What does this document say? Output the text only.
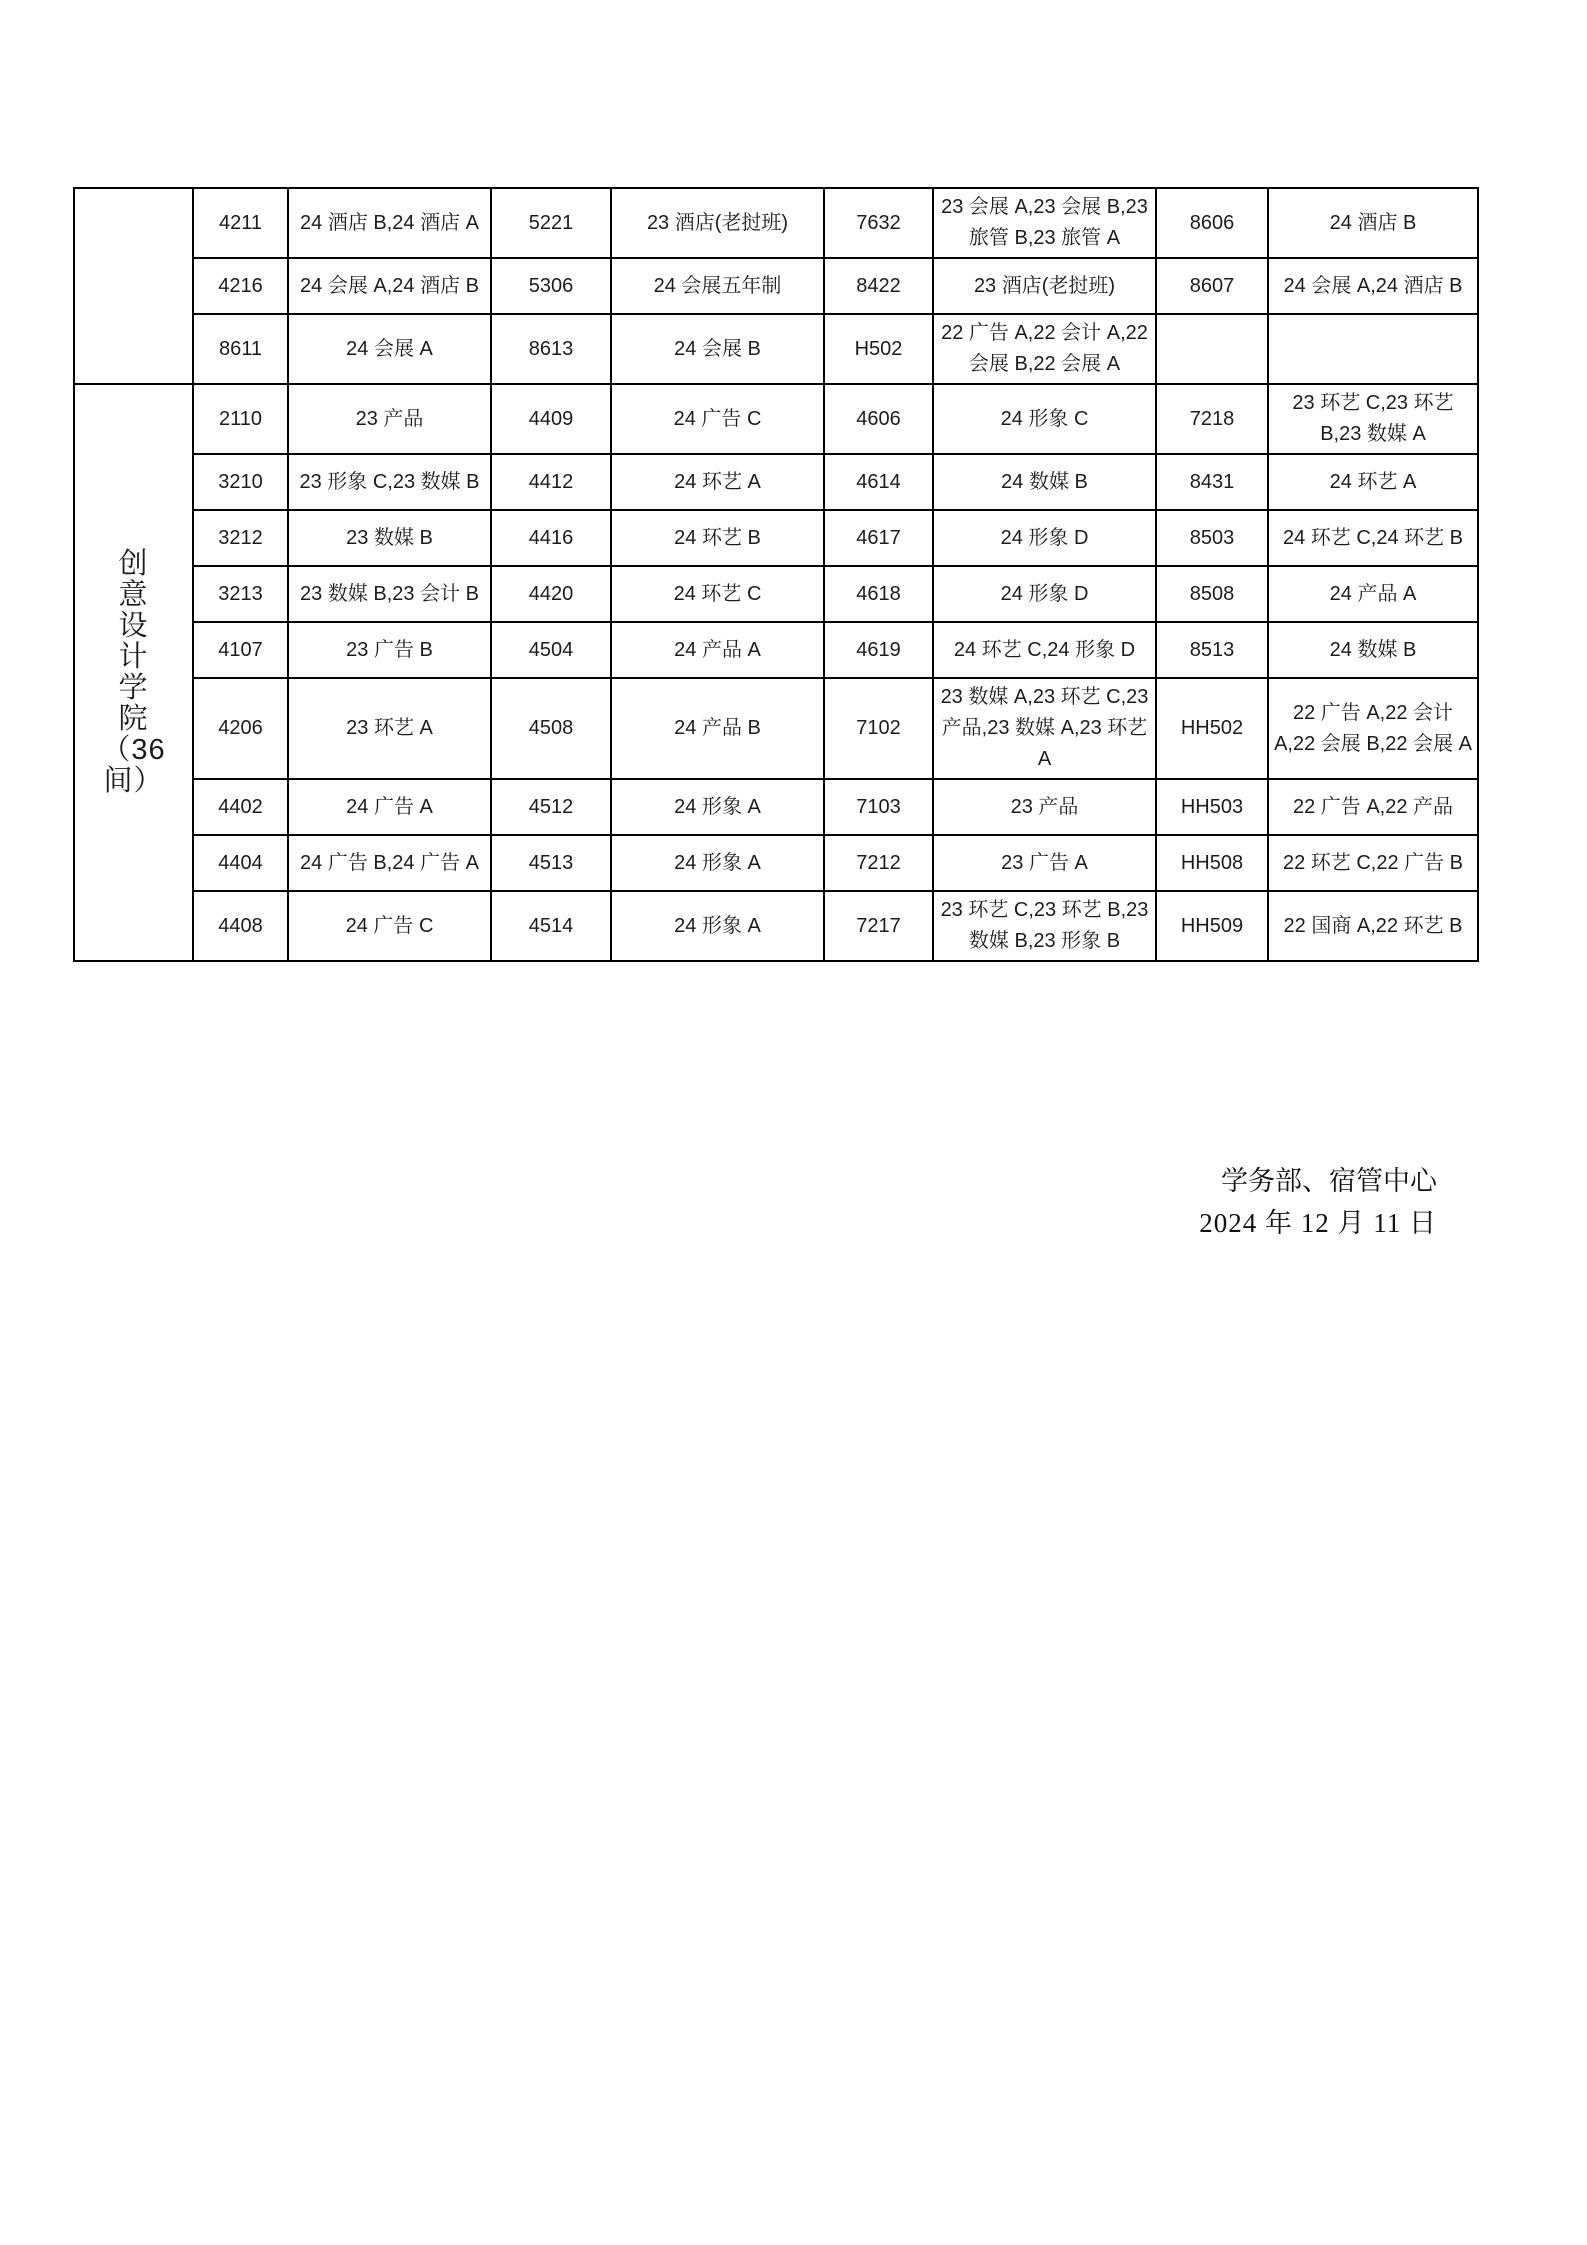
	4211	24 酒店 B,24 酒店 A	5221	23 酒店(老挝班)	7632	23 会展 A,23 会展 B,23 旅管 B,23 旅管 A	8606	24 酒店 B
	4216	24 会展 A,24 酒店 B	5306	24 会展五年制	8422	23 酒店(老挝班)	8607	24 会展 A,24 酒店 B
	8611	24 会展 A	8613	24 会展 B	H502	22 广告 A,22 会计 A,22 会展 B,22 会展 A		

创
意
设
计
学
院
（36
间）
	2110	23 产品	4409	24 广告 C	4606	24 形象 C	7218	23 环艺 C,23 环艺 B,23 数媒 A
	3210	23 形象 C,23 数媒 B	4412	24 环艺 A	4614	24 数媒 B	8431	24 环艺 A
	3212	23 数媒 B	4416	24 环艺 B	4617	24 形象 D	8503	24 环艺 C,24 环艺 B
	3213	23 数媒 B,23 会计 B	4420	24 环艺 C	4618	24 形象 D	8508	24 产品 A
	4107	23 广告 B	4504	24 产品 A	4619	24 环艺 C,24 形象 D	8513	24 数媒 B
	4206	23 环艺 A	4508	24 产品 B	7102	23 数媒 A,23 环艺 C,23 产品,23 数媒 A,23 环艺 A	HH502	22 广告 A,22 会计 A,22 会展 B,22 会展 A
	4402	24 广告 A	4512	24 形象 A	7103	23 产品	HH503	22 广告 A,22 产品
	4404	24 广告 B,24 广告 A	4513	24 形象 A	7212	23 广告 A	HH508	22 环艺 C,22 广告 B
	4408	24 广告 C	4514	24 形象 A	7217	23 环艺 C,23 环艺 B,23 数媒 B,23 形象 B	HH509	22 国商 A,22 环艺 B
学务部、宿管中心
2024 年 12 月 11 日
